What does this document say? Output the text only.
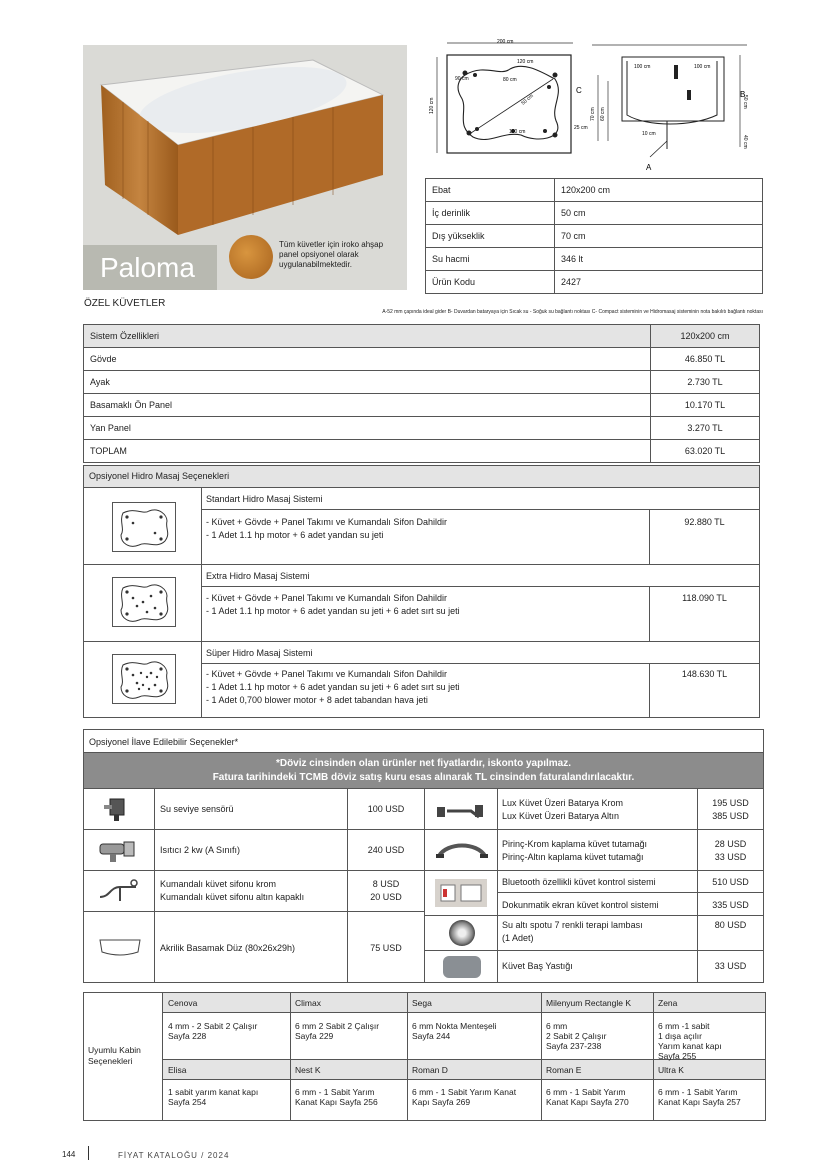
Tüm küvetler için iroko ahşap panel opsiyonel olarak uygulanabilmektedir.
Paloma
200 cm
120 cm
120 cm
80 cm
90 cm
50 cm
100 cm
100 cm	100 cm
A
B
C
70 cm 60 cm
25 cm
10 cm
50 cm
40 cm
Ebat	120x200 cm
İç derinlik	50 cm
Dış yükseklik	70 cm
Su hacmi	346 lt
Ürün Kodu	2427
ÖZEL KÜVETLER
A-52 mm çapında ideal gider B- Duvardan bataryaya için Sıcak su - Soğuk su bağlantı noktası C- Compact sisteminin ve Hidromasaj sisteminin nota bakılıtı bağlantı noktası
Sistem Özellikleri	120x200 cm
Gövde	46.850 TL
Ayak	2.730 TL
Basamaklı Ön Panel	10.170 TL
Yan Panel	3.270 TL
TOPLAM	63.020 TL
Opsiyonel Hidro Masaj Seçenekleri
Standart Hidro Masaj Sistemi
- Küvet + Gövde + Panel Takımı ve Kumandalı Sifon Dahildir
- 1 Adet 1.1 hp motor + 6 adet yandan su jeti
92.880 TL
Extra Hidro Masaj Sistemi
- Küvet + Gövde + Panel Takımı ve Kumandalı Sifon Dahildir
- 1 Adet 1.1 hp motor + 6 adet yandan su jeti + 6 adet sırt su jeti
118.090 TL
Süper Hidro Masaj Sistemi
- Küvet + Gövde + Panel Takımı ve Kumandalı Sifon Dahildir
- 1 Adet 1.1 hp motor + 6 adet yandan su jeti + 6 adet sırt su jeti
- 1 Adet 0,700 blower motor + 8 adet tabandan hava jeti
148.630 TL
Opsiyonel İlave Edilebilir Seçenekler*
*Döviz cinsinden olan ürünler net fiyatlardır, iskonto yapılmaz.
Fatura tarihindeki TCMB döviz satış kuru esas alınarak TL cinsinden faturalandırılacaktır.
Su seviye sensörü	100 USD
Isıtıcı 2 kw (A Sınıfı)	240 USD
Kumandalı küvet sifonu krom
Kumandalı küvet sifonu altın kapaklı
8 USD
20 USD
Akrilik Basamak Düz (80x26x29h)	75 USD
Lux Küvet Üzeri Batarya Krom
Lux Küvet Üzeri Batarya Altın
195 USD
385 USD
Pirinç-Krom kaplama küvet tutamağı
Pirinç-Altın kaplama küvet tutamağı
28 USD
33 USD
Bluetooth özellikli küvet kontrol sistemi
Dokunmatik ekran küvet kontrol sistemi
510 USD
335 USD
Su altı spotu 7 renkli terapi lambası
(1 Adet)
80 USD
Küvet Baş Yastığı	33 USD
Uyumlu Kabin Seçenekleri
Cenova
4 mm - 2 Sabit 2 Çalışır
Sayfa 228
Climax
6 mm 2 Sabit 2 Çalışır
Sayfa 229
Sega
6 mm Nokta Menteşeli
Sayfa 244
Milenyum Rectangle K
6 mm
2 Sabit 2 Çalışır
Sayfa 237-238
Zena
6 mm -1 sabit
1 dışa açılır
Yarım kanat kapı
Sayfa 255
Elisa
1 sabit yarım kanat kapı
Sayfa 254
Nest K
6 mm - 1 Sabit Yarım
Kanat Kapı Sayfa 256
Roman D
6 mm - 1 Sabit Yarım Kanat
Kapı Sayfa 269
Roman E
6 mm - 1 Sabit Yarım
Kanat Kapı Sayfa 270
Ultra K
6 mm - 1 Sabit Yarım
Kanat Kapı Sayfa 257
144	FİYAT KATALOĞU / 2024
